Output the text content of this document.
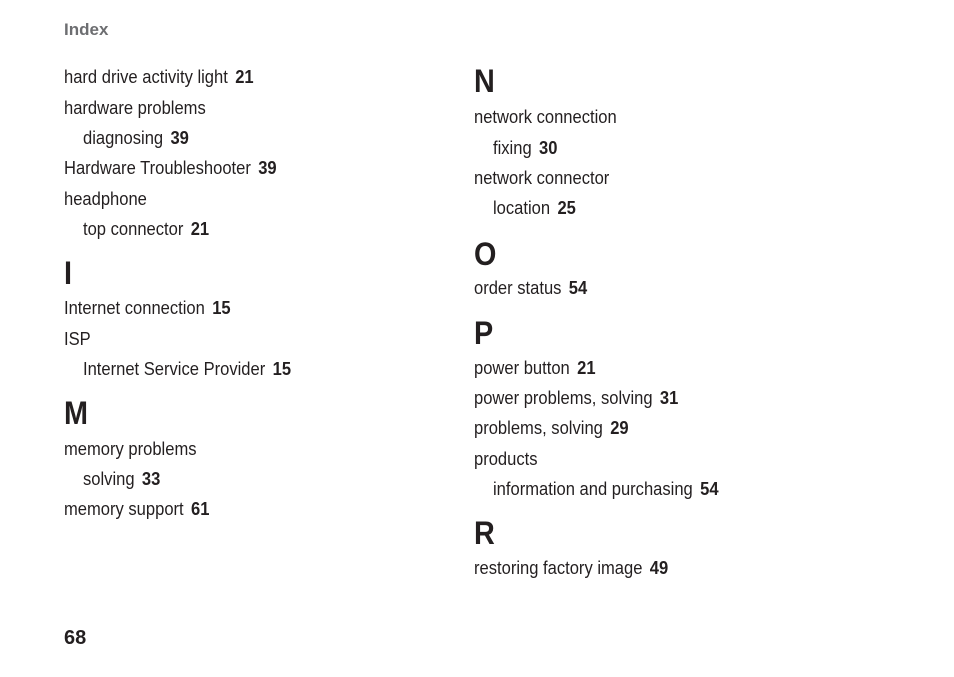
Index
hard drive activity light 21
hardware problems
diagnosing 39
Hardware Troubleshooter 39
headphone
top connector 21
I
Internet connection 15
ISP
Internet Service Provider 15
M
memory problems
solving 33
memory support 61
N
network connection
fixing 30
network connector
location 25
O
order status 54
P
power button 21
power problems, solving 31
problems, solving 29
products
information and purchasing 54
R
restoring factory image 49
68
